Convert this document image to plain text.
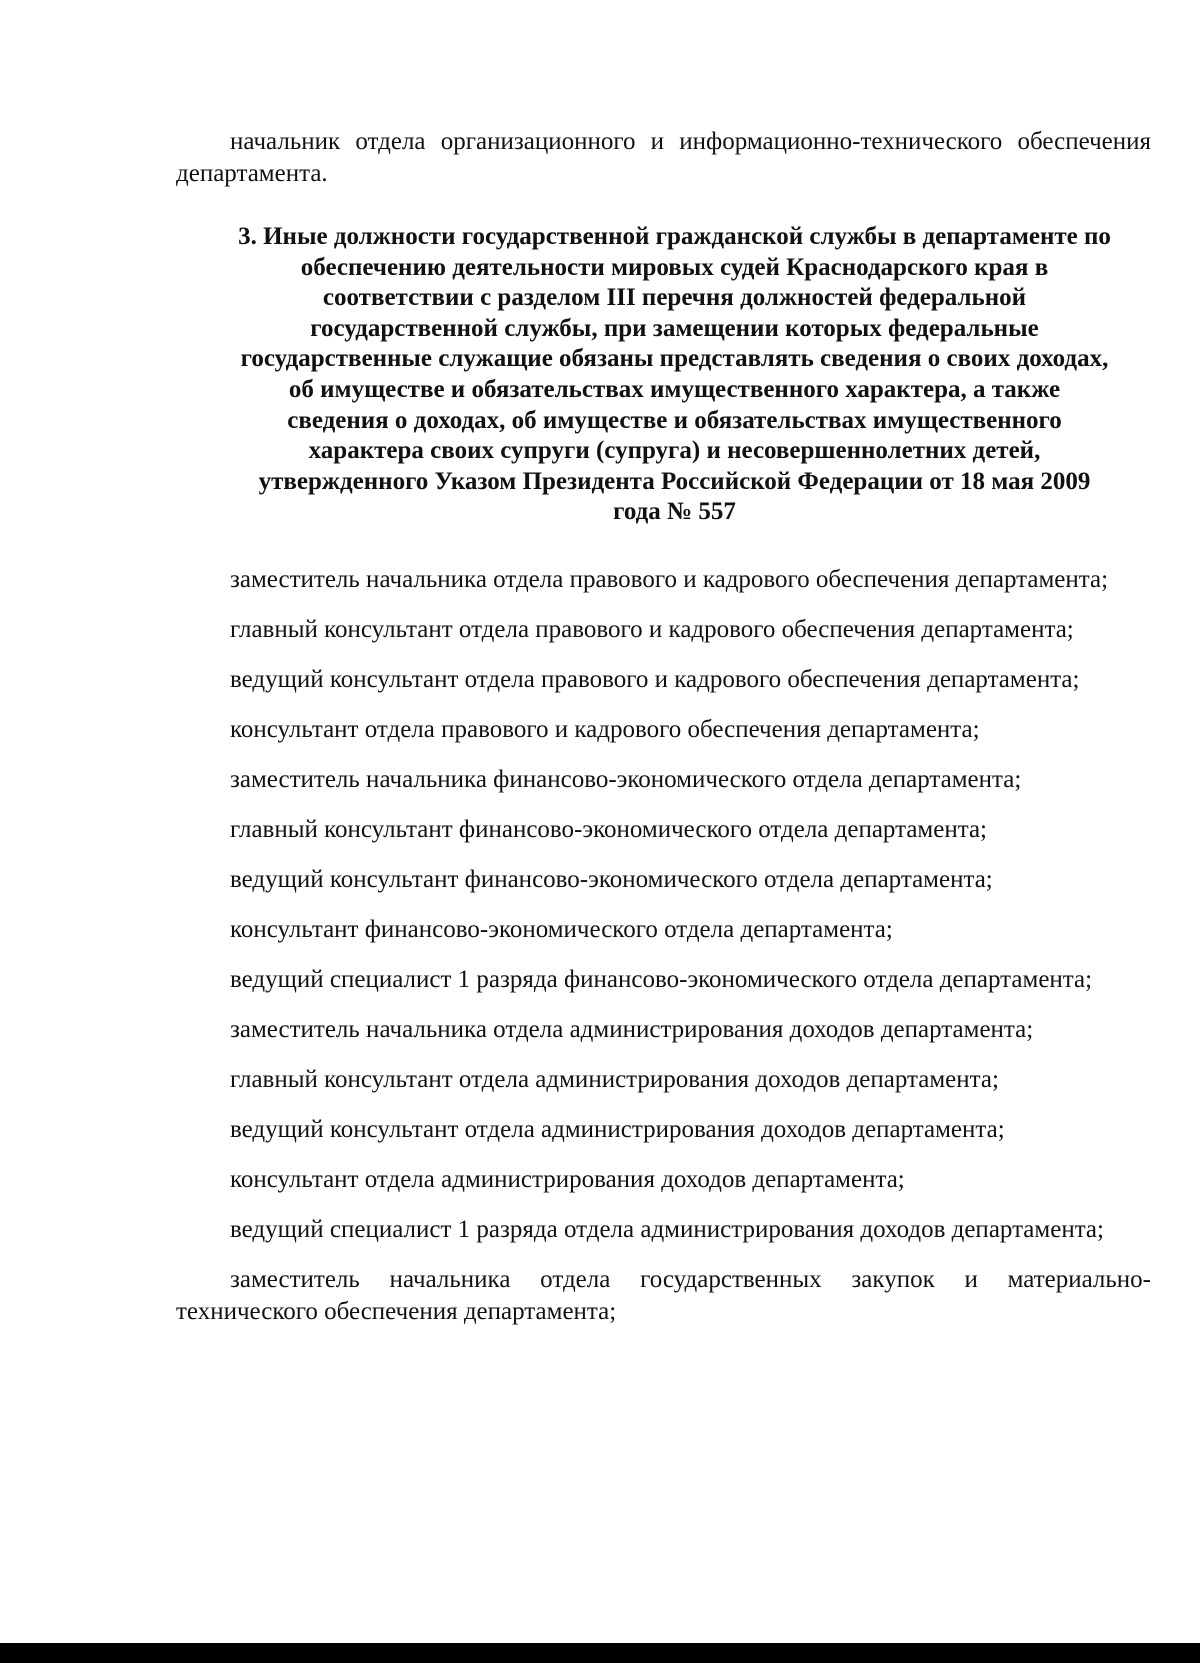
начальник отдела организационного и информационно-технического обеспечения департамента.

3. Иные должности государственной гражданской службы в департаменте по обеспечению деятельности мировых судей Краснодарского края в соответствии с разделом III перечня должностей федеральной государственной службы, при замещении которых федеральные государственные служащие обязаны представлять сведения о своих доходах, об имуществе и обязательствах имущественного характера, а также сведения о доходах, об имуществе и обязательствах имущественного характера своих супруги (супруга) и несовершеннолетних детей, утвержденного Указом Президента Российской Федерации от 18 мая 2009 года № 557

заместитель начальника отдела правового и кадрового обеспечения департамента;

главный консультант отдела правового и кадрового обеспечения департамента;

ведущий консультант отдела правового и кадрового обеспечения департамента;

консультант отдела правового и кадрового обеспечения департамента;

заместитель начальника финансово-экономического отдела департамента;

главный консультант финансово-экономического отдела департамента;

ведущий консультант финансово-экономического отдела департамента;

консультант финансово-экономического отдела департамента;

ведущий специалист 1 разряда финансово-экономического отдела департамента;

заместитель начальника отдела администрирования доходов департамента;

главный консультант отдела администрирования доходов департамента;

ведущий консультант отдела администрирования доходов департамента;

консультант отдела администрирования доходов департамента;

ведущий специалист 1 разряда отдела администрирования доходов департамента;

заместитель начальника отдела государственных закупок и материально-технического обеспечения департамента;
